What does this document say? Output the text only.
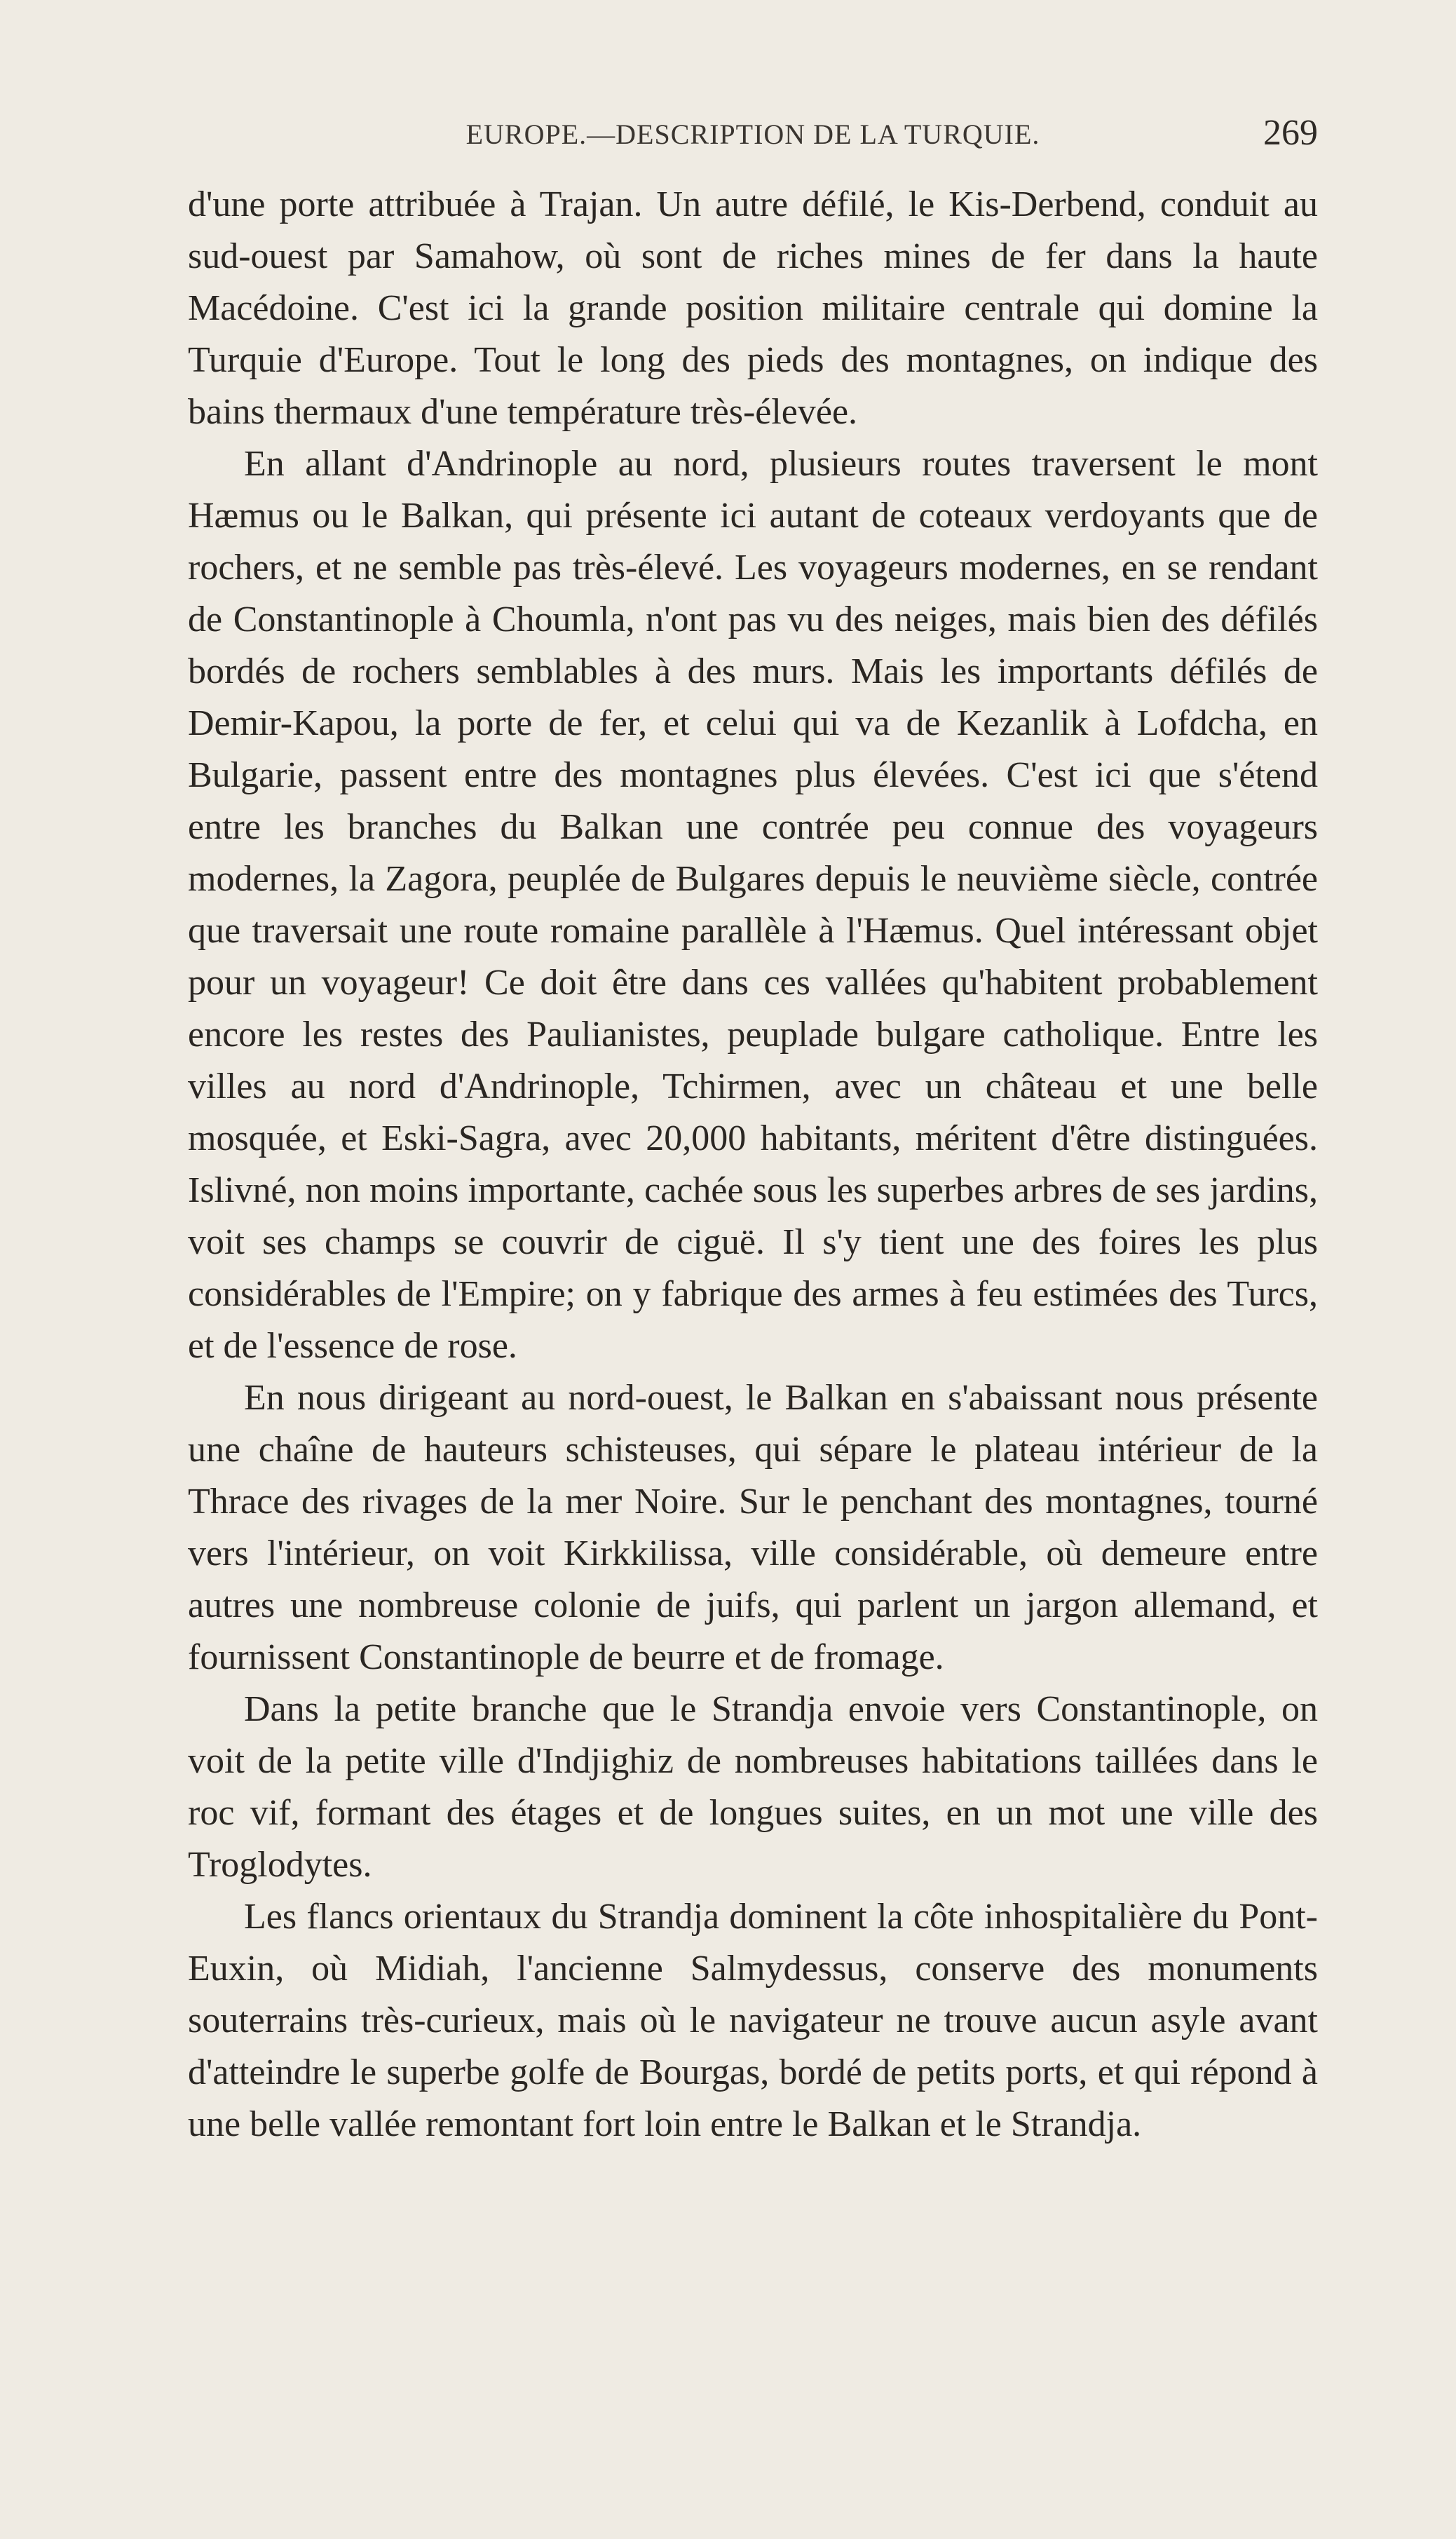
EUROPE.—DESCRIPTION DE LA TURQUIE.	269

d'une porte attribuée à Trajan. Un autre défilé, le Kis-Derbend, conduit au sud-ouest par Samahow, où sont de riches mines de fer dans la haute Macédoine. C'est ici la grande position militaire centrale qui domine la Turquie d'Europe. Tout le long des pieds des montagnes, on indique des bains thermaux d'une température très-élevée.

En allant d'Andrinople au nord, plusieurs routes traversent le mont Hæmus ou le Balkan, qui présente ici autant de coteaux verdoyants que de rochers, et ne semble pas très-élevé. Les voyageurs modernes, en se rendant de Constantinople à Choumla, n'ont pas vu des neiges, mais bien des défilés bordés de rochers semblables à des murs. Mais les importants défilés de Demir-Kapou, la porte de fer, et celui qui va de Kezanlik à Lofdcha, en Bulgarie, passent entre des montagnes plus élevées. C'est ici que s'étend entre les branches du Balkan une contrée peu connue des voyageurs modernes, la Zagora, peuplée de Bulgares depuis le neuvième siècle, contrée que traversait une route romaine parallèle à l'Hæmus. Quel intéressant objet pour un voyageur! Ce doit être dans ces vallées qu'habitent probablement encore les restes des Paulianistes, peuplade bulgare catholique. Entre les villes au nord d'Andrinople, Tchirmen, avec un château et une belle mosquée, et Eski-Sagra, avec 20,000 habitants, méritent d'être distinguées. Islivné, non moins importante, cachée sous les superbes arbres de ses jardins, voit ses champs se couvrir de ciguë. Il s'y tient une des foires les plus considérables de l'Empire; on y fabrique des armes à feu estimées des Turcs, et de l'essence de rose.

En nous dirigeant au nord-ouest, le Balkan en s'abaissant nous présente une chaîne de hauteurs schisteuses, qui sépare le plateau intérieur de la Thrace des rivages de la mer Noire. Sur le penchant des montagnes, tourné vers l'intérieur, on voit Kirkkilissa, ville considérable, où demeure entre autres une nombreuse colonie de juifs, qui parlent un jargon allemand, et fournissent Constantinople de beurre et de fromage.

Dans la petite branche que le Strandja envoie vers Constantinople, on voit de la petite ville d'Indjighiz de nombreuses habitations taillées dans le roc vif, formant des étages et de longues suites, en un mot une ville des Troglodytes.

Les flancs orientaux du Strandja dominent la côte inhospitalière du Pont-Euxin, où Midiah, l'ancienne Salmydessus, conserve des monuments souterrains très-curieux, mais où le navigateur ne trouve aucun asyle avant d'atteindre le superbe golfe de Bourgas, bordé de petits ports, et qui répond à une belle vallée remontant fort loin entre le Balkan et le Strandja.
